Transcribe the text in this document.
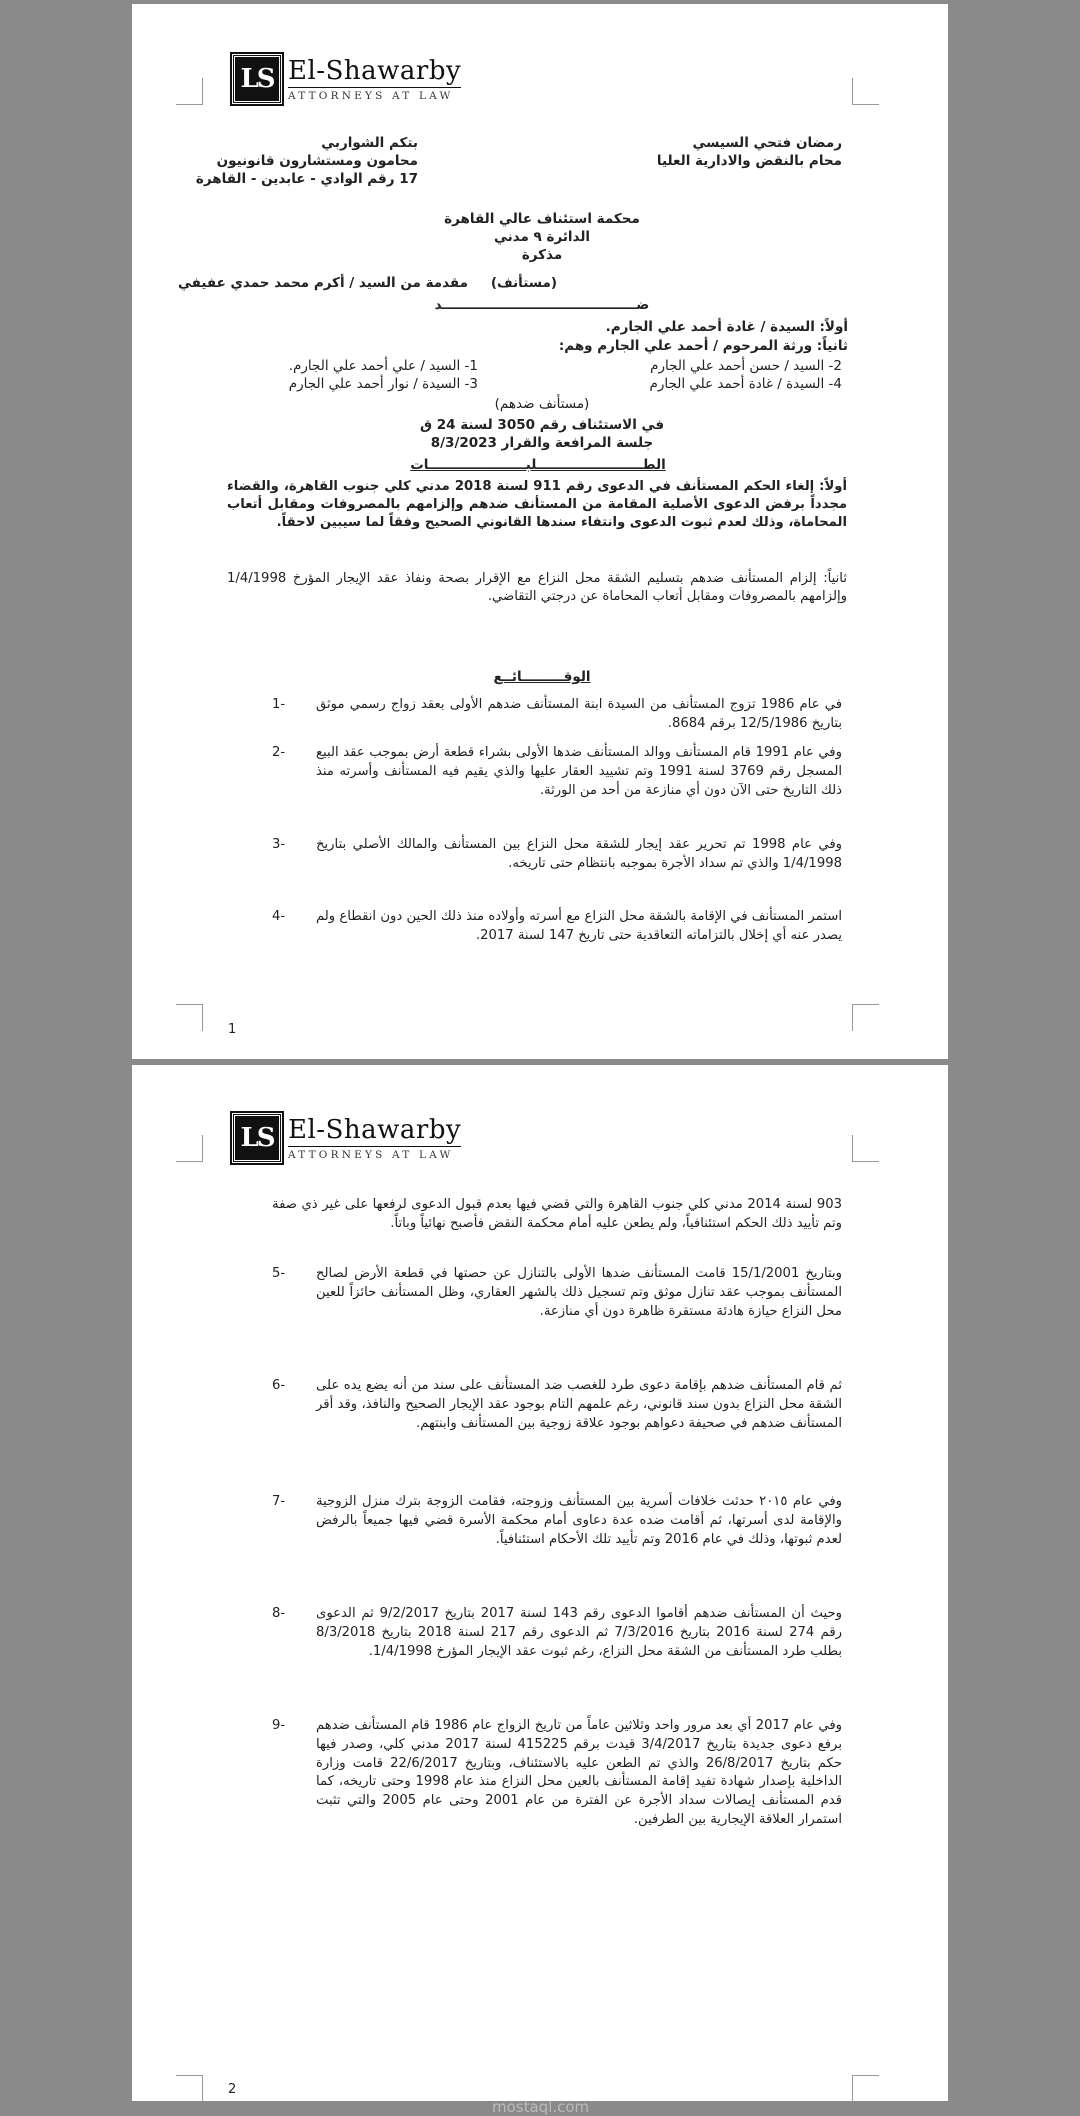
LS El-Shawarby
ATTORNEYS AT LAW
بتكم الشواربي
محامون ومستشارون قانونيون
17 رقم الوادي - عابدين - القاهرة
رمضان فتحي السيسي
محام بالنقض والادارية العليا
محكمة استئناف عالي القاهرة
الدائرة ٩ مدني
مذكرة
مقدمة من السيد / أكرم محمد حمدي عفيفي	(مستأنف)
ضــــــــــــــــــــــــــــــــــــــــــد
أولاً: السيدة / غادة أحمد علي الجارم.
ثانياً: ورثة المرحوم / أحمد علي الجارم وهم:
1- السيد / علي أحمد علي الجارم.	2- السيد / حسن أحمد علي الجارم
3- السيدة / نوار أحمد علي الجارم	4- السيدة / غادة أحمد علي الجارم
(مستأنف ضدهم)
في الاستئناف رقم 3050 لسنة 24 ق
جلسة المرافعة والقرار 8/3/2023
الطـــــــــــــــــــــــلبـــــــــــــــــــــات
أولاً: إلغاء الحكم المستأنف في الدعوى رقم 911 لسنة 2018 مدني كلي جنوب القاهرة، والقضاء مجدداً برفض الدعوى الأصلية المقامة من المستأنف ضدهم وإلزامهم بالمصروفات ومقابل أتعاب المحاماة، وذلك لعدم ثبوت الدعوى وانتفاء سندها القانوني الصحيح وفقاً لما سيبين لاحقاً.
ثانياً: إلزام المستأنف ضدهم بتسليم الشقة محل النزاع مع الإقرار بصحة ونفاذ عقد الإيجار المؤرخ 1/4/1998 وإلزامهم بالمصروفات ومقابل أتعاب المحاماة عن درجتي التقاضي.
الوقـــــــــائــع
1-	في عام 1986 تزوج المستأنف من السيدة ابنة المستأنف ضدهم الأولى بعقد زواج رسمي موثق بتاريخ 12/5/1986 برقم 8684.
2-	وفي عام 1991 قام المستأنف ووالد المستأنف ضدها الأولى بشراء قطعة أرض بموجب عقد البيع المسجل رقم 3769 لسنة 1991 وتم تشييد العقار عليها والذي يقيم فيه المستأنف وأسرته منذ ذلك التاريخ حتى الآن دون أي منازعة من أحد من الورثة.
3-	وفي عام 1998 تم تحرير عقد إيجار للشقة محل النزاع بين المستأنف والمالك الأصلي بتاريخ 1/4/1998 والذي تم سداد الأجرة بموجبه بانتظام حتى تاريخه.
4-	استمر المستأنف في الإقامة بالشقة محل النزاع مع أسرته وأولاده منذ ذلك الحين دون انقطاع ولم يصدر عنه أي إخلال بالتزاماته التعاقدية حتى تاريخ 147 لسنة 2017.
1
LS El-Shawarby
ATTORNEYS AT LAW
903 لسنة 2014 مدني كلي جنوب القاهرة والتي قضي فيها بعدم قبول الدعوى لرفعها على غير ذي صفة وتم تأييد ذلك الحكم استئنافياً، ولم يطعن عليه أمام محكمة النقض فأصبح نهائياً وباتاً.
5-	وبتاريخ 15/1/2001 قامت المستأنف ضدها الأولى بالتنازل عن حصتها في قطعة الأرض لصالح المستأنف بموجب عقد تنازل موثق وتم تسجيل ذلك بالشهر العقاري، وظل المستأنف حائزاً للعين محل النزاع حيازة هادئة مستقرة ظاهرة دون أي منازعة.
6-	ثم قام المستأنف ضدهم بإقامة دعوى طرد للغصب ضد المستأنف على سند من أنه يضع يده على الشقة محل النزاع بدون سند قانوني، رغم علمهم التام بوجود عقد الإيجار الصحيح والنافذ، وقد أقر المستأنف ضدهم في صحيفة دعواهم بوجود علاقة زوجية بين المستأنف وابنتهم.
7-	وفي عام ٢٠١٥ حدثت خلافات أسرية بين المستأنف وزوجته، فقامت الزوجة بترك منزل الزوجية والإقامة لدى أسرتها، ثم أقامت ضده عدة دعاوى أمام محكمة الأسرة قضي فيها جميعاً بالرفض لعدم ثبوتها، وذلك في عام 2016 وتم تأييد تلك الأحكام استئنافياً.
8-	وحيث أن المستأنف ضدهم أقاموا الدعوى رقم 143 لسنة 2017 بتاريخ 9/2/2017 ثم الدعوى رقم 274 لسنة 2016 بتاريخ 7/3/2016 ثم الدعوى رقم 217 لسنة 2018 بتاريخ 8/3/2018 بطلب طرد المستأنف من الشقة محل النزاع، رغم ثبوت عقد الإيجار المؤرخ 1/4/1998.
9-	وفي عام 2017 أي بعد مرور واحد وثلاثين عاماً من تاريخ الزواج عام 1986 قام المستأنف ضدهم برفع دعوى جديدة بتاريخ 3/4/2017 قيدت برقم 415225 لسنة 2017 مدني كلي، وصدر فيها حكم بتاريخ 26/8/2017 والذي تم الطعن عليه بالاستئناف، وبتاريخ 22/6/2017 قامت وزارة الداخلية بإصدار شهادة تفيد إقامة المستأنف بالعين محل النزاع منذ عام 1998 وحتى تاريخه، كما قدم المستأنف إيصالات سداد الأجرة عن الفترة من عام 2001 وحتى عام 2005 والتي تثبت استمرار العلاقة الإيجارية بين الطرفين.
mostaql.com
2
